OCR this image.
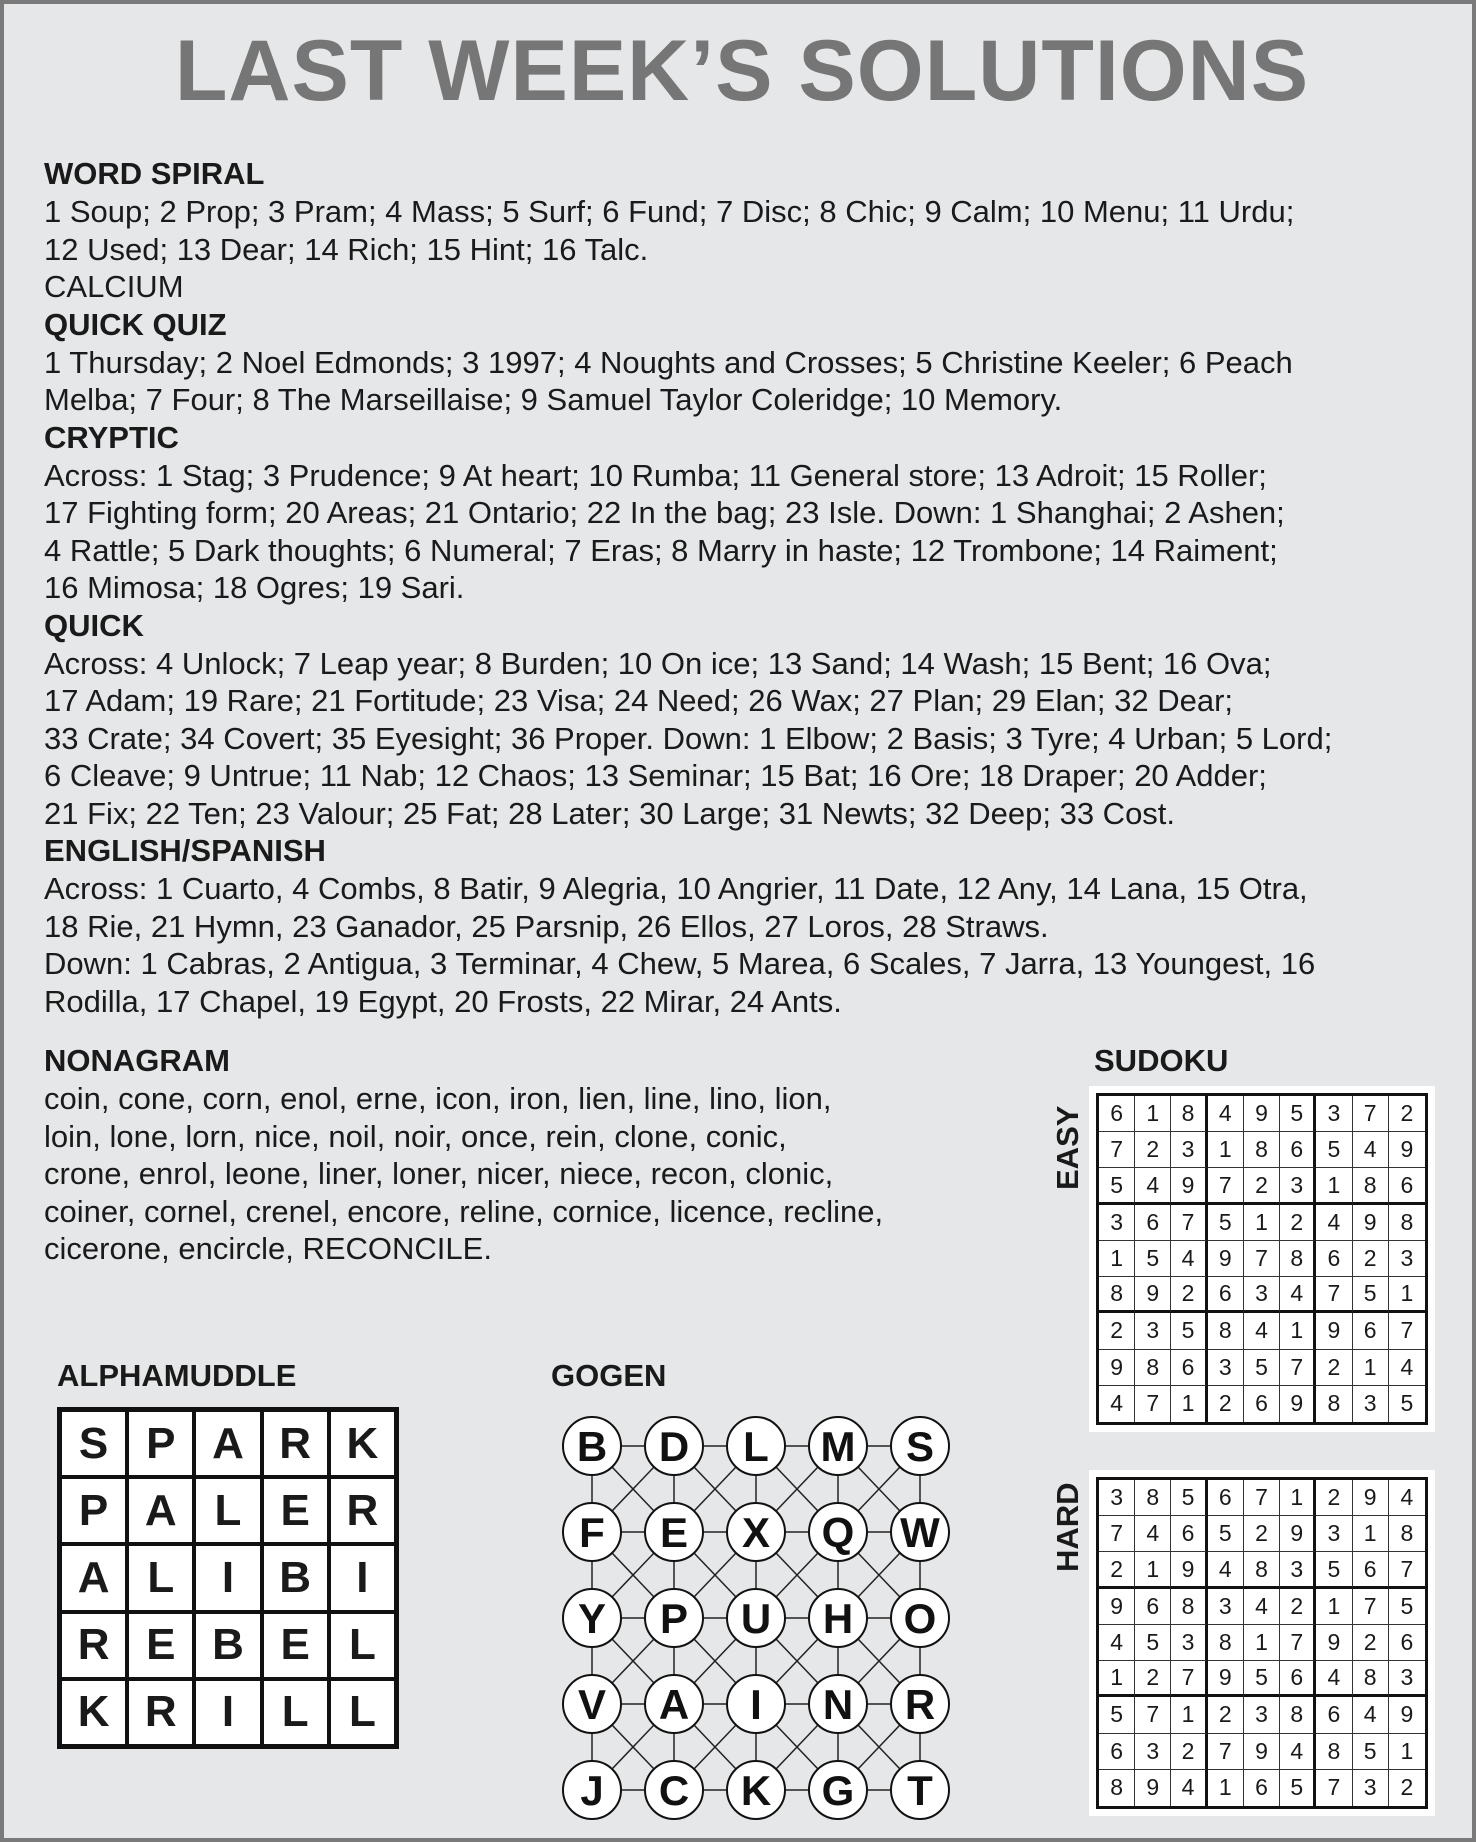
LAST WEEK’S SOLUTIONS
WORD SPIRAL
1 Soup; 2 Prop; 3 Pram; 4 Mass; 5 Surf; 6 Fund; 7 Disc; 8 Chic; 9 Calm; 10 Menu; 11 Urdu;
12 Used; 13 Dear; 14 Rich; 15 Hint; 16 Talc.
CALCIUM
QUICK QUIZ
1 Thursday; 2 Noel Edmonds; 3 1997; 4 Noughts and Crosses; 5 Christine Keeler; 6 Peach
Melba; 7 Four; 8 The Marseillaise; 9 Samuel Taylor Coleridge; 10 Memory.
CRYPTIC
Across: 1 Stag; 3 Prudence; 9 At heart; 10 Rumba; 11 General store; 13 Adroit; 15 Roller;
17 Fighting form; 20 Areas; 21 Ontario; 22 In the bag; 23 Isle. Down: 1 Shanghai; 2 Ashen;
4 Rattle; 5 Dark thoughts; 6 Numeral; 7 Eras; 8 Marry in haste; 12 Trombone; 14 Raiment;
16 Mimosa; 18 Ogres; 19 Sari.
QUICK
Across: 4 Unlock; 7 Leap year; 8 Burden; 10 On ice; 13 Sand; 14 Wash; 15 Bent; 16 Ova;
17 Adam; 19 Rare; 21 Fortitude; 23 Visa; 24 Need; 26 Wax; 27 Plan; 29 Elan; 32 Dear;
33 Crate; 34 Covert; 35 Eyesight; 36 Proper. Down: 1 Elbow; 2 Basis; 3 Tyre; 4 Urban; 5 Lord;
6 Cleave; 9 Untrue; 11 Nab; 12 Chaos; 13 Seminar; 15 Bat; 16 Ore; 18 Draper; 20 Adder;
21 Fix; 22 Ten; 23 Valour; 25 Fat; 28 Later; 30 Large; 31 Newts; 32 Deep; 33 Cost.
ENGLISH/SPANISH
Across: 1 Cuarto, 4 Combs, 8 Batir, 9 Alegria, 10 Angrier, 11 Date, 12 Any, 14 Lana, 15 Otra,
18 Rie, 21 Hymn, 23 Ganador, 25 Parsnip, 26 Ellos, 27 Loros, 28 Straws.
Down: 1 Cabras, 2 Antigua, 3 Terminar, 4 Chew, 5 Marea, 6 Scales, 7 Jarra, 13 Youngest, 16
Rodilla, 17 Chapel, 19 Egypt, 20 Frosts, 22 Mirar, 24 Ants.
NONAGRAM
coin, cone, corn, enol, erne, icon, iron, lien, line, lino, lion,
loin, lone, lorn, nice, noil, noir, once, rein, clone, conic,
crone, enrol, leone, liner, loner, nicer, niece, recon, clonic,
coiner, cornel, crenel, encore, reline, cornice, licence, recline,
cicerone, encircle, RECONCILE.
ALPHAMUDDLE
S P A R K
P A L E R
A L	I	B	I
R E B E L
K R	I	L L
GOGEN
B D L M S
F E X Q W
Y P U H O
V A I N R
J C K G T
SUDOKU
EASY	6	1 8	4	9 5	3	7	2
7	2 3	1	8 6	5	4	9
5	4 9	7	2 3	1	8	6
3	6 7	5	1 2	4	9	8
1	5 4	9	7 8	6	2	3
8	9 2	6	3 4	7	5	1
2	3 5	8	4 1	9	6	7
9	8 6	3	5 7	2	1	4
4	7 1	2	6 9	8	3	5
HARD	3	8 5	6	7 1	2	9	4
7	4 6	5	2 9	3	1	8
2	1 9	4	8 3	5	6	7
9	6 8	3	4 2	1	7	5
4	5 3	8	1 7	9	2	6
1	2 7	9	5 6	4	8	3
5	7 1	2	3 8	6	4	9
6	3 2	7	9 4	8	5	1
8	9 4	1	6 5	7	3	2
